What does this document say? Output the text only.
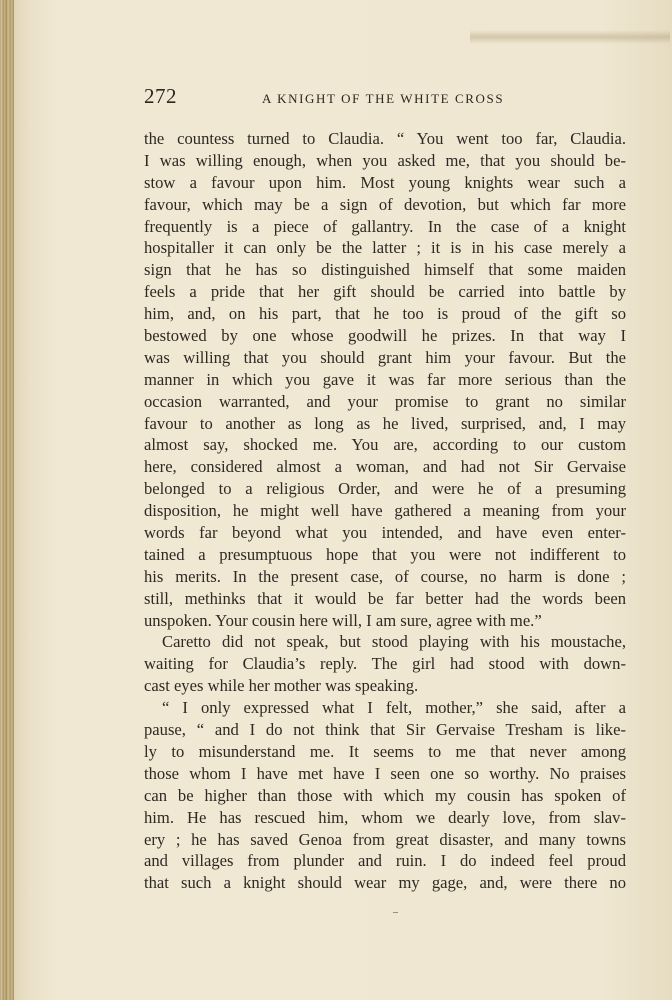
272	A KNIGHT OF THE WHITE CROSS
the countess turned to Claudia. “ You went too far, Claudia.
I was willing enough, when you asked me, that you should be-
stow a favour upon him. Most young knights wear such a
favour, which may be a sign of devotion, but which far more
frequently is a piece of gallantry. In the case of a knight
hospitaller it can only be the latter ; it is in his case merely a
sign that he has so distinguished himself that some maiden
feels a pride that her gift should be carried into battle by
him, and, on his part, that he too is proud of the gift so
bestowed by one whose goodwill he prizes. In that way I
was willing that you should grant him your favour. But the
manner in which you gave it was far more serious than the
occasion warranted, and your promise to grant no similar
favour to another as long as he lived, surprised, and, I may
almost say, shocked me. You are, according to our custom
here, considered almost a woman, and had not Sir Gervaise
belonged to a religious Order, and were he of a presuming
disposition, he might well have gathered a meaning from your
words far beyond what you intended, and have even enter-
tained a presumptuous hope that you were not indifferent to
his merits. In the present case, of course, no harm is done ;
still, methinks that it would be far better had the words been
unspoken. Your cousin here will, I am sure, agree with me.”
Caretto did not speak, but stood playing with his moustache,
waiting for Claudia’s reply. The girl had stood with down-
cast eyes while her mother was speaking.
“ I only expressed what I felt, mother,” she said, after a
pause, “ and I do not think that Sir Gervaise Tresham is like-
ly to misunderstand me. It seems to me that never among
those whom I have met have I seen one so worthy. No praises
can be higher than those with which my cousin has spoken of
him. He has rescued him, whom we dearly love, from slav-
ery ; he has saved Genoa from great disaster, and many towns
and villages from plunder and ruin. I do indeed feel proud
that such a knight should wear my gage, and, were there no
